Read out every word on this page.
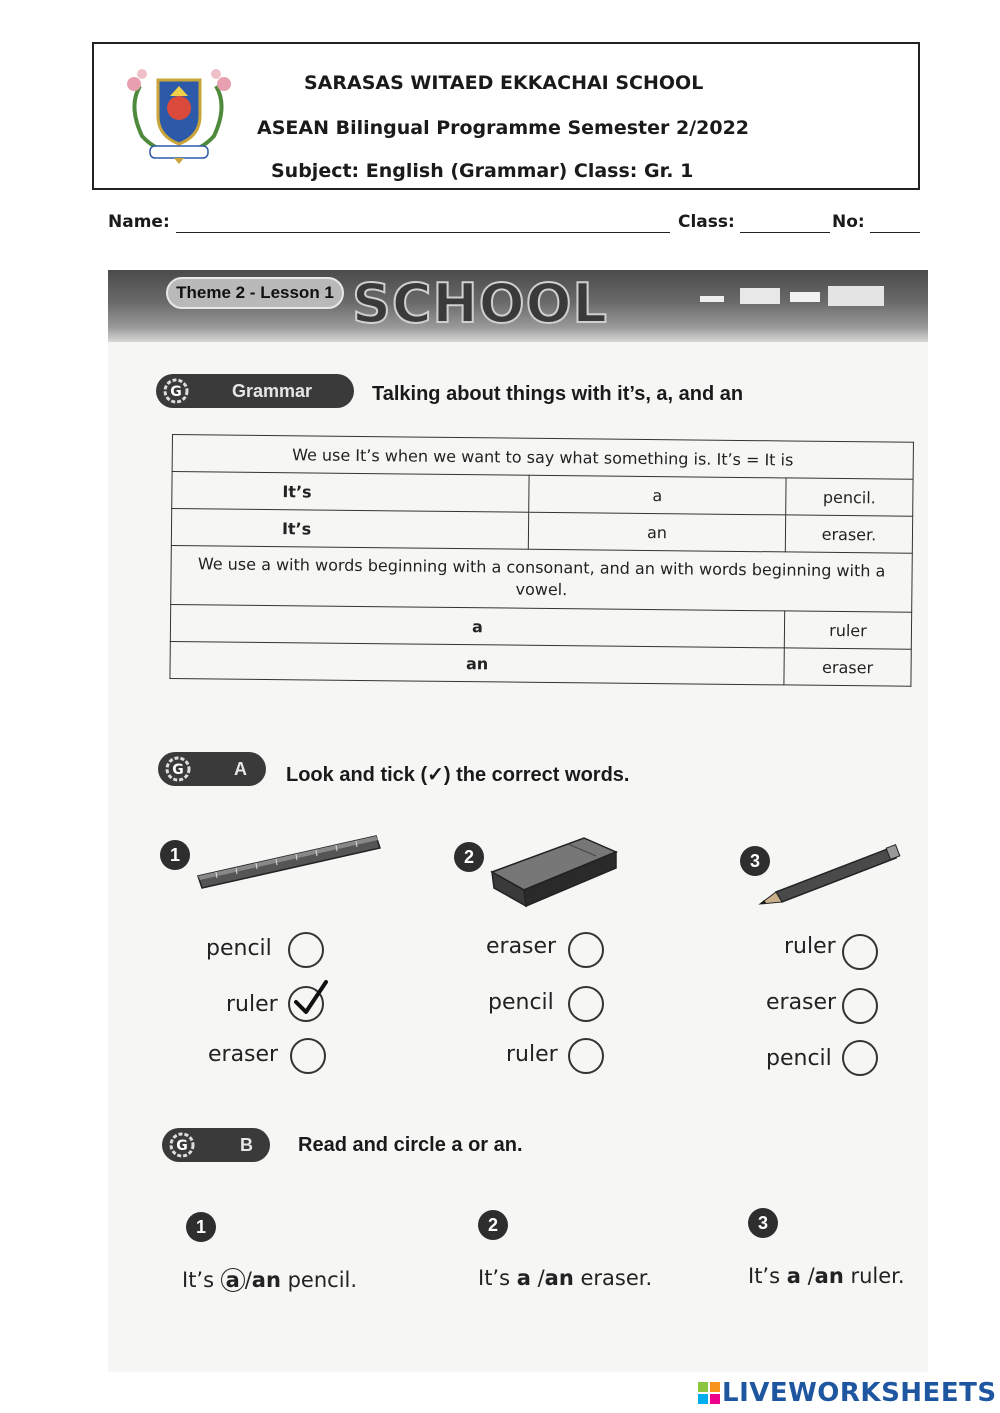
SARASAS WITAED EKKACHAI SCHOOL
ASEAN Bilingual Programme Semester 2/2022
Subject: English (Grammar) Class: Gr. 1
Name:	Class:	No:
Theme 2 - Lesson 1 SCHOOL
G	Grammar	Talking about things with it’s, a, and an
We use It’s when we want to say what something is. It’s = It is		
It’s	a	pencil.
It’s	an	eraser.
We use a with words beginning with a consonant, and an with words beginning with a vowel.		
a		ruler
an		eraser
G	A Look and tick (✓) the correct words.
1
pencil
ruler
eraser
2
eraser
pencil
ruler
3
ruler
eraser
pencil
G	B Read and circle a or an.
1
It’s a /an pencil.
2
It’s a /an eraser.
3
It’s a /an ruler.
LIVEWORKSHEETS
